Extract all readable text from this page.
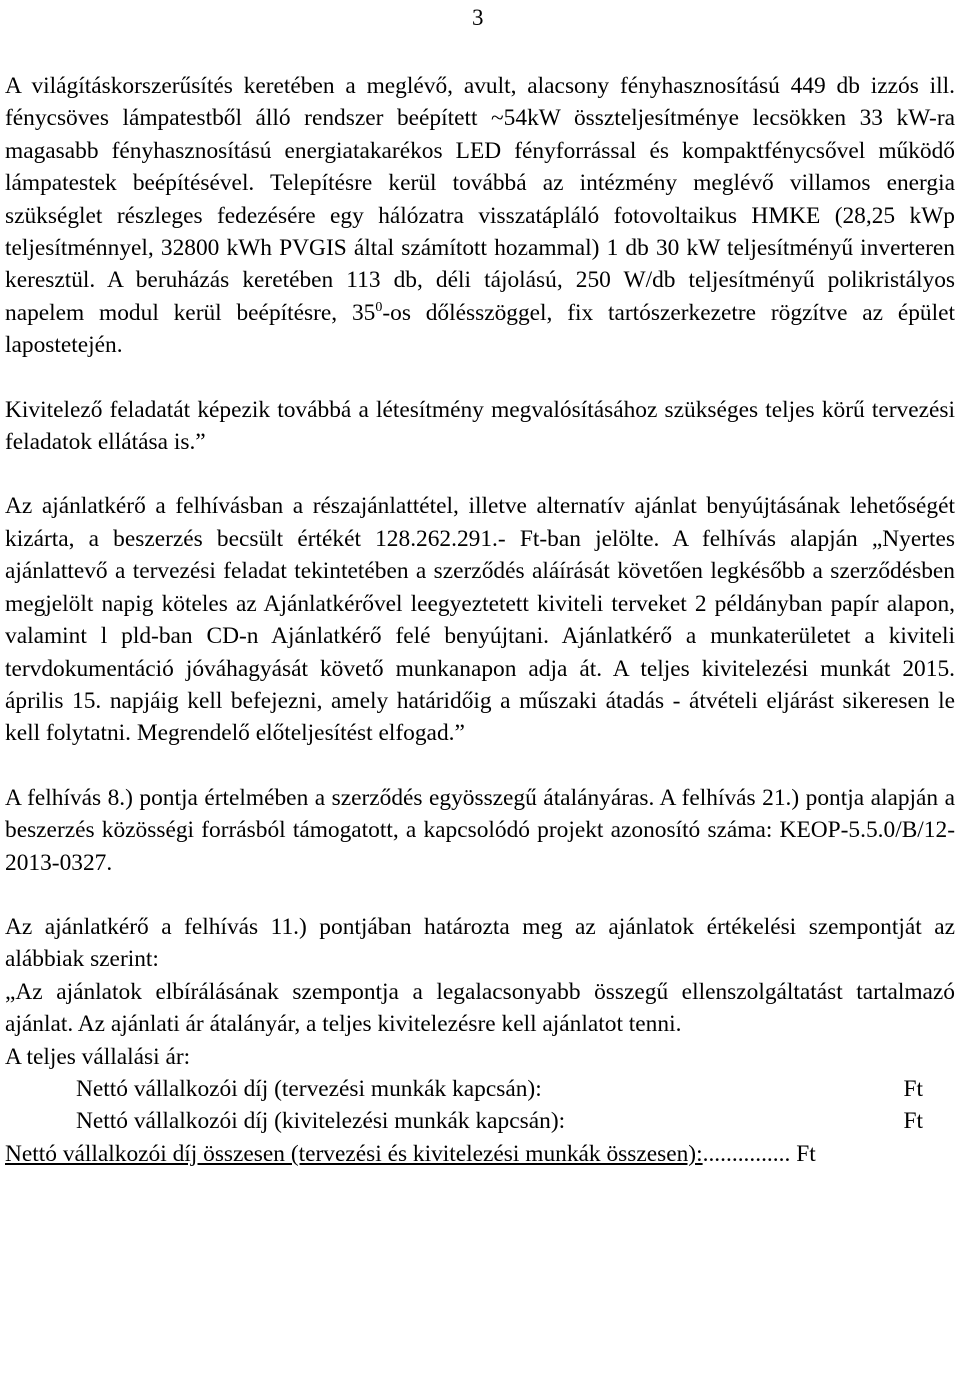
3

A világításkorszerűsítés keretében a meglévő, avult, alacsony fényhasznosítású 449 db izzós ill. fénycsöves lámpatestből álló rendszer beépített ~54kW összteljesítménye lecsökken 33 kW-ra magasabb fényhasznosítású energiatakarékos LED fényforrással és kompaktfénycsővel működő lámpatestek beépítésével. Telepítésre kerül továbbá az intézmény meglévő villamos energia szükséglet részleges fedezésére egy hálózatra visszatápláló fotovoltaikus HMKE (28,25 kWp teljesítménnyel, 32800 kWh PVGIS által számított hozammal) 1 db 30 kW teljesítményű inverteren keresztül. A beruházás keretében 113 db, déli tájolású, 250 W/db teljesítményű polikristályos napelem modul kerül beépítésre, $35^0-os$ dőlésszöggel, fix tartószerkezetre rögzítve az épület lapostetején.

Kivitelező feladatát képezik továbbá a létesítmény megvalósításához szükséges teljes körű tervezési feladatok ellátása is.”

Az ajánlatkérő a felhívásban a részajánlattétel, illetve alternatív ajánlat benyújtásának lehetőségét kizárta, a beszerzés becsült értékét 128.262.291.- Ft-ban jelölte. A felhívás alapján „Nyertes ajánlattevő a tervezési feladat tekintetében a szerződés aláírását követően legkésőbb a szerződésben megjelölt napig köteles az Ajánlatkérővel leegyeztetett kiviteli terveket 2 példányban papír alapon, valamint l pld-ban CD-n Ajánlatkérő felé benyújtani. Ajánlatkérő a munkaterületet a kiviteli tervdokumentáció jóváhagyását követő munkanapon adja át. A teljes kivitelezési munkát 2015. április 15. napjáig kell befejezni, amely határidőig a műszaki átadás - átvételi eljárást sikeresen le kell folytatni. Megrendelő előteljesítést elfogad.”

A felhívás 8.) pontja értelmében a szerződés egyösszegű átalányáras. A felhívás 21.) pontja alapján a beszerzés közösségi forrásból támogatott, a kapcsolódó projekt azonosító száma: KEOP-5.5.0/B/12-2013-0327.

Az ajánlatkérő a felhívás 11.) pontjában határozta meg az ajánlatok értékelési szempontját az alábbiak szerint:

„Az ajánlatok elbírálásának szempontja a legalacsonyabb összegű ellenszolgáltatást tartalmazó ajánlat. Az ajánlati ár átalányár, a teljes kivitelezésre kell ajánlatot tenni.

A teljes vállalási ár:

Nettó vállalkozói díj (tervezési munkák kapcsán):	Ft
Nettó vállalkozói díj (kivitelezési munkák kapcsán):	Ft

Nettó vállalkozói díj összesen (tervezési és kivitelezési munkák összesen):............... Ft
